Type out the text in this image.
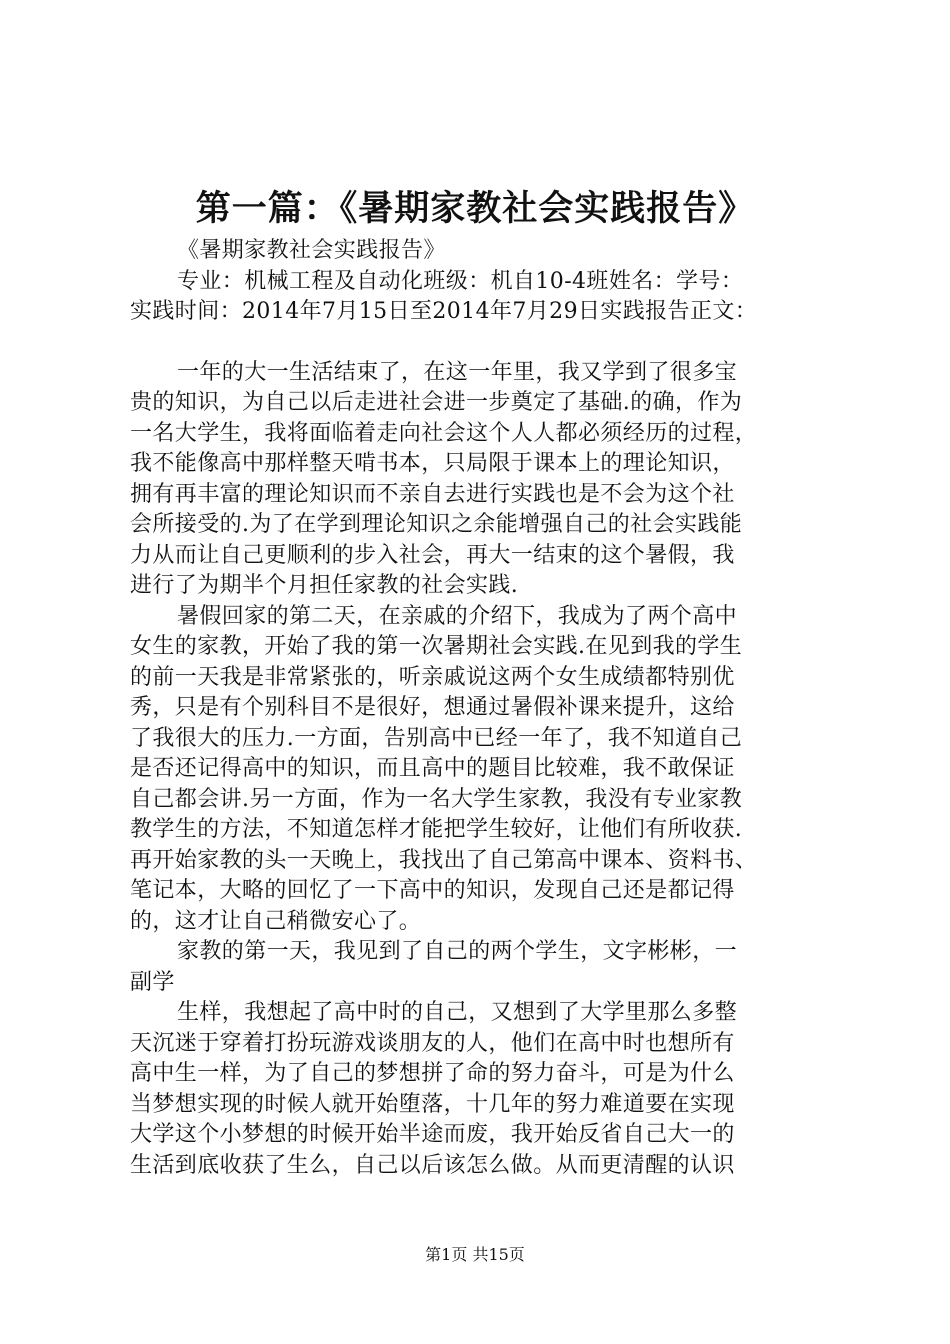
第一篇：《暑期家教社会实践报告》
《暑期家教社会实践报告》
专业：机械工程及自动化班级：机自10-4班姓名：学号：
实践时间：2014年7月15日至2014年7月29日实践报告正文：
一年的大一生活结束了，在这一年里，我又学到了很多宝
贵的知识，为自己以后走进社会进一步奠定了基础.的确，作为
一名大学生，我将面临着走向社会这个人人都必须经历的过程，
我不能像高中那样整天啃书本，只局限于课本上的理论知识，
拥有再丰富的理论知识而不亲自去进行实践也是不会为这个社
会所接受的.为了在学到理论知识之余能增强自己的社会实践能
力从而让自己更顺利的步入社会，再大一结束的这个暑假，我
进行了为期半个月担任家教的社会实践.
暑假回家的第二天，在亲戚的介绍下，我成为了两个高中
女生的家教，开始了我的第一次暑期社会实践.在见到我的学生
的前一天我是非常紧张的，听亲戚说这两个女生成绩都特别优
秀，只是有个别科目不是很好，想通过暑假补课来提升，这给
了我很大的压力.一方面，告别高中已经一年了，我不知道自己
是否还记得高中的知识，而且高中的题目比较难，我不敢保证
自己都会讲.另一方面，作为一名大学生家教，我没有专业家教
教学生的方法，不知道怎样才能把学生较好，让他们有所收获.
再开始家教的头一天晚上，我找出了自己第高中课本、资料书、
笔记本，大略的回忆了一下高中的知识，发现自己还是都记得
的，这才让自己稍微安心了。
家教的第一天，我见到了自己的两个学生，文字彬彬，一
副学
生样，我想起了高中时的自己，又想到了大学里那么多整
天沉迷于穿着打扮玩游戏谈朋友的人，他们在高中时也想所有
高中生一样，为了自己的梦想拼了命的努力奋斗，可是为什么
当梦想实现的时候人就开始堕落，十几年的努力难道要在实现
大学这个小梦想的时候开始半途而废，我开始反省自己大一的
生活到底收获了生么，自己以后该怎么做。从而更清醒的认识
第1页 共15页
